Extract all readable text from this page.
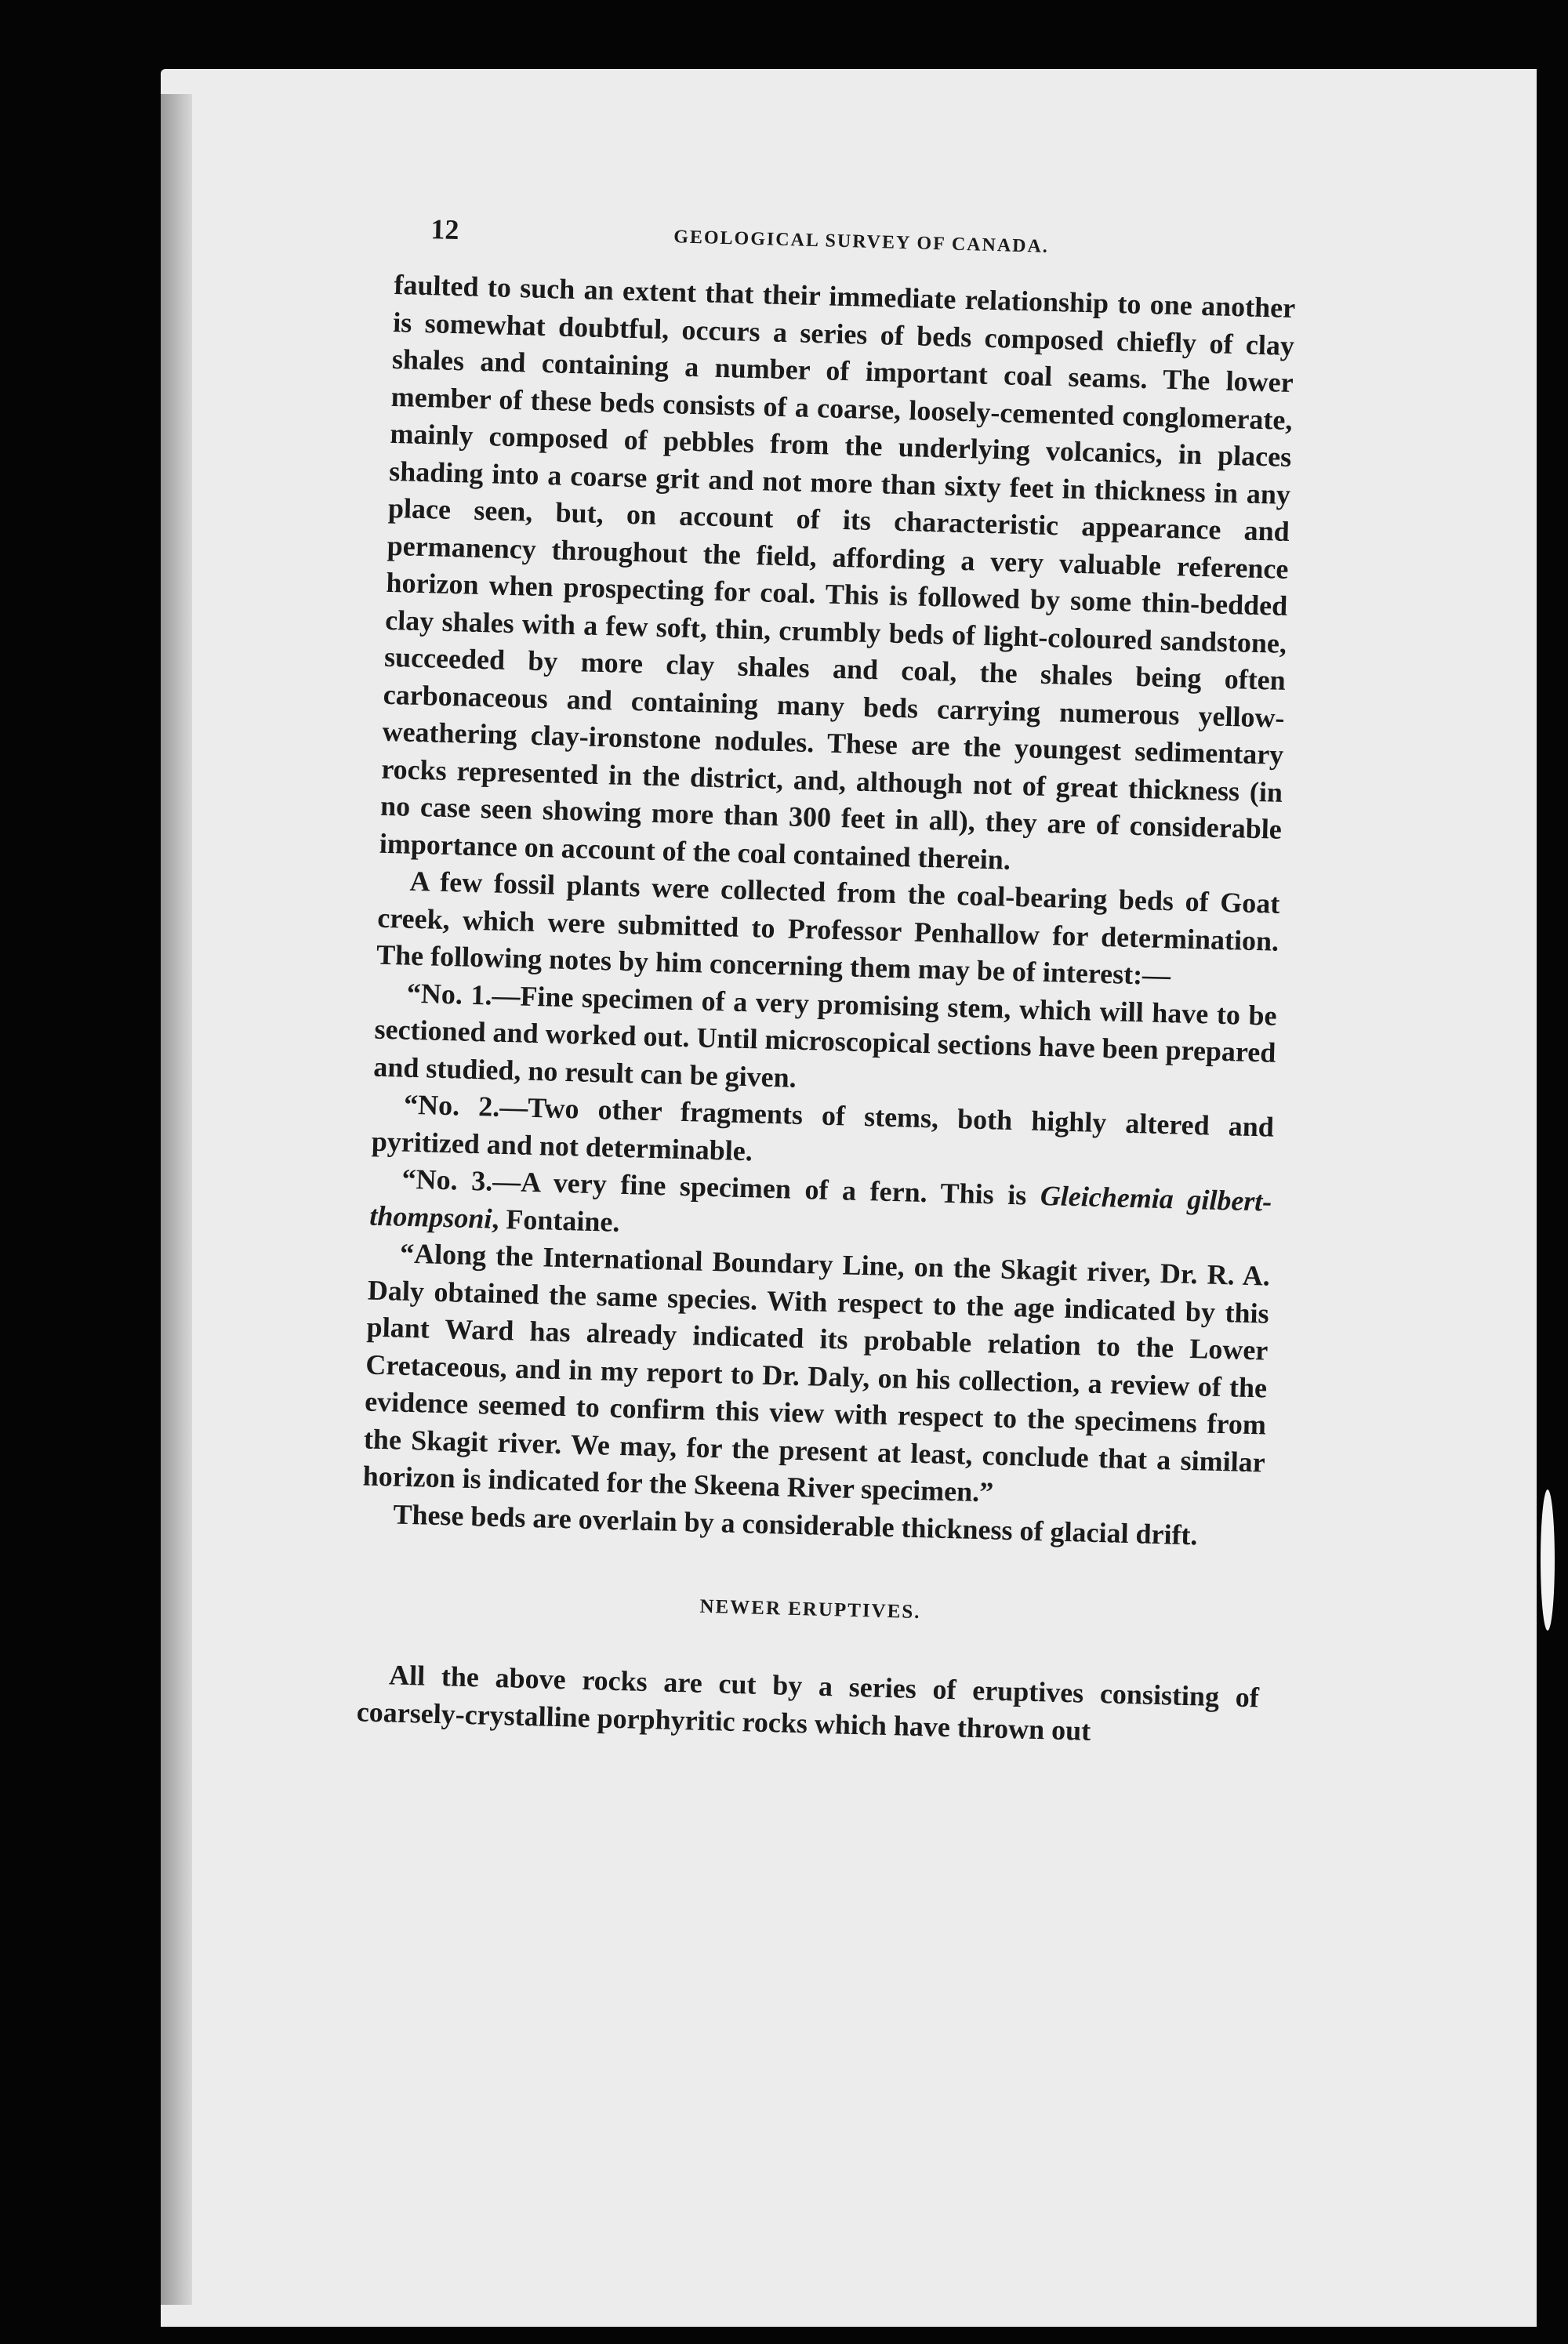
12	GEOLOGICAL SURVEY OF CANADA.

faulted to such an extent that their immediate relationship to one another is somewhat doubtful, occurs a series of beds composed chiefly of clay shales and containing a number of important coal seams. The lower member of these beds consists of a coarse, loosely-cemented conglomerate, mainly composed of pebbles from the underlying volcanics, in places shading into a coarse grit and not more than sixty feet in thickness in any place seen, but, on account of its characteristic appearance and permanency throughout the field, affording a very valuable reference horizon when prospecting for coal. This is followed by some thin-bedded clay shales with a few soft, thin, crumbly beds of light-coloured sandstone, succeeded by more clay shales and coal, the shales being often carbonaceous and containing many beds carrying numerous yellow-weathering clay-ironstone nodules. These are the youngest sedimentary rocks represented in the district, and, although not of great thickness (in no case seen showing more than 300 feet in all), they are of considerable importance on account of the coal contained therein.

A few fossil plants were collected from the coal-bearing beds of Goat creek, which were submitted to Professor Penhallow for determination. The following notes by him concerning them may be of interest:—

“No. 1.—Fine specimen of a very promising stem, which will have to be sectioned and worked out. Until microscopical sections have been prepared and studied, no result can be given.

“No. 2.—Two other fragments of stems, both highly altered and pyritized and not determinable.

“No. 3.—A very fine specimen of a fern. This is Gleichemia gilbert-thompsoni, Fontaine.

“Along the International Boundary Line, on the Skagit river, Dr. R. A. Daly obtained the same species. With respect to the age indicated by this plant Ward has already indicated its probable relation to the Lower Cretaceous, and in my report to Dr. Daly, on his collection, a review of the evidence seemed to confirm this view with respect to the specimens from the Skagit river. We may, for the present at least, conclude that a similar horizon is indicated for the Skeena River specimen.”

These beds are overlain by a considerable thickness of glacial drift.

NEWER ERUPTIVES.

All the above rocks are cut by a series of eruptives consisting of coarsely-crystalline porphyritic rocks which have thrown out
